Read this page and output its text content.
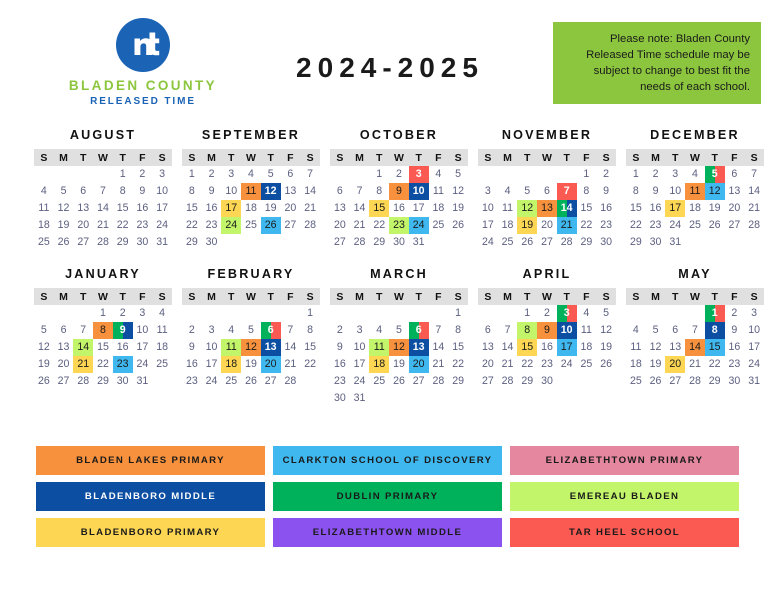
BLADEN COUNTY
RELEASED TIME
2024-2025
Please note: Bladen County Released Time schedule may be subject to change to best fit the needs of each school.
AUGUST
S	M	T	W	T	F	S

				1	2	3

4	5	6	7	8	9	10

11	12	13	14	15	16	17

18	19	20	21	22	23	24

25	26	27	28	29	30	31
SEPTEMBER
S	M	T	W	T	F	S

1	2	3	4	5	6	7

8	9	10	11	12	13	14

15	16	17	18	19	20	21

22	23	24	25	26	27	28

29	30					

OCTOBER
S	M	T	W	T	F	S

		1	2	3	4	5

6	7	8	9	10	11	12

13	14	15	16	17	18	19

20	21	22	23	24	25	26

27	28	29	30	31		

NOVEMBER
S	M	T	W	T	F	S

					1	2

3	4	5	6	7	8	9

10	11	12	13	14	15	16

17	18	19	20	21	22	23

24	25	26	27	28	29	30
DECEMBER
S	M	T	W	T	F	S

1	2	3	4	5	6	7

8	9	10	11	12	13	14

15	16	17	18	19	20	21

22	23	24	25	26	27	28

29	30	31				

JANUARY
S	M	T	W	T	F	S

			1	2	3	4

5	6	7	8	9	10	11

12	13	14	15	16	17	18

19	20	21	22	23	24	25

26	27	28	29	30	31	

FEBRUARY
S	M	T	W	T	F	S

						1

2	3	4	5	6	7	8

9	10	11	12	13	14	15

16	17	18	19	20	21	22

23	24	25	26	27	28	

MARCH
S	M	T	W	T	F	S

						1

2	3	4	5	6	7	8

9	10	11	12	13	14	15

16	17	18	19	20	21	22

23	24	25	26	27	28	29

30	31					

APRIL
S	M	T	W	T	F	S

		1	2	3	4	5

6	7	8	9	10	11	12

13	14	15	16	17	18	19

20	21	22	23	24	25	26

27	28	29	30			

MAY
S	M	T	W	T	F	S

				1	2	3

4	5	6	7	8	9	10

11	12	13	14	15	16	17

18	19	20	21	22	23	24

25	26	27	28	29	30	31
BLADEN LAKES PRIMARY	CLARKTON SCHOOL OF DISCOVERY	ELIZABETHTOWN PRIMARY
BLADENBORO MIDDLE	DUBLIN PRIMARY	EMEREAU BLADEN
BLADENBORO PRIMARY	ELIZABETHTOWN MIDDLE	TAR HEEL SCHOOL
